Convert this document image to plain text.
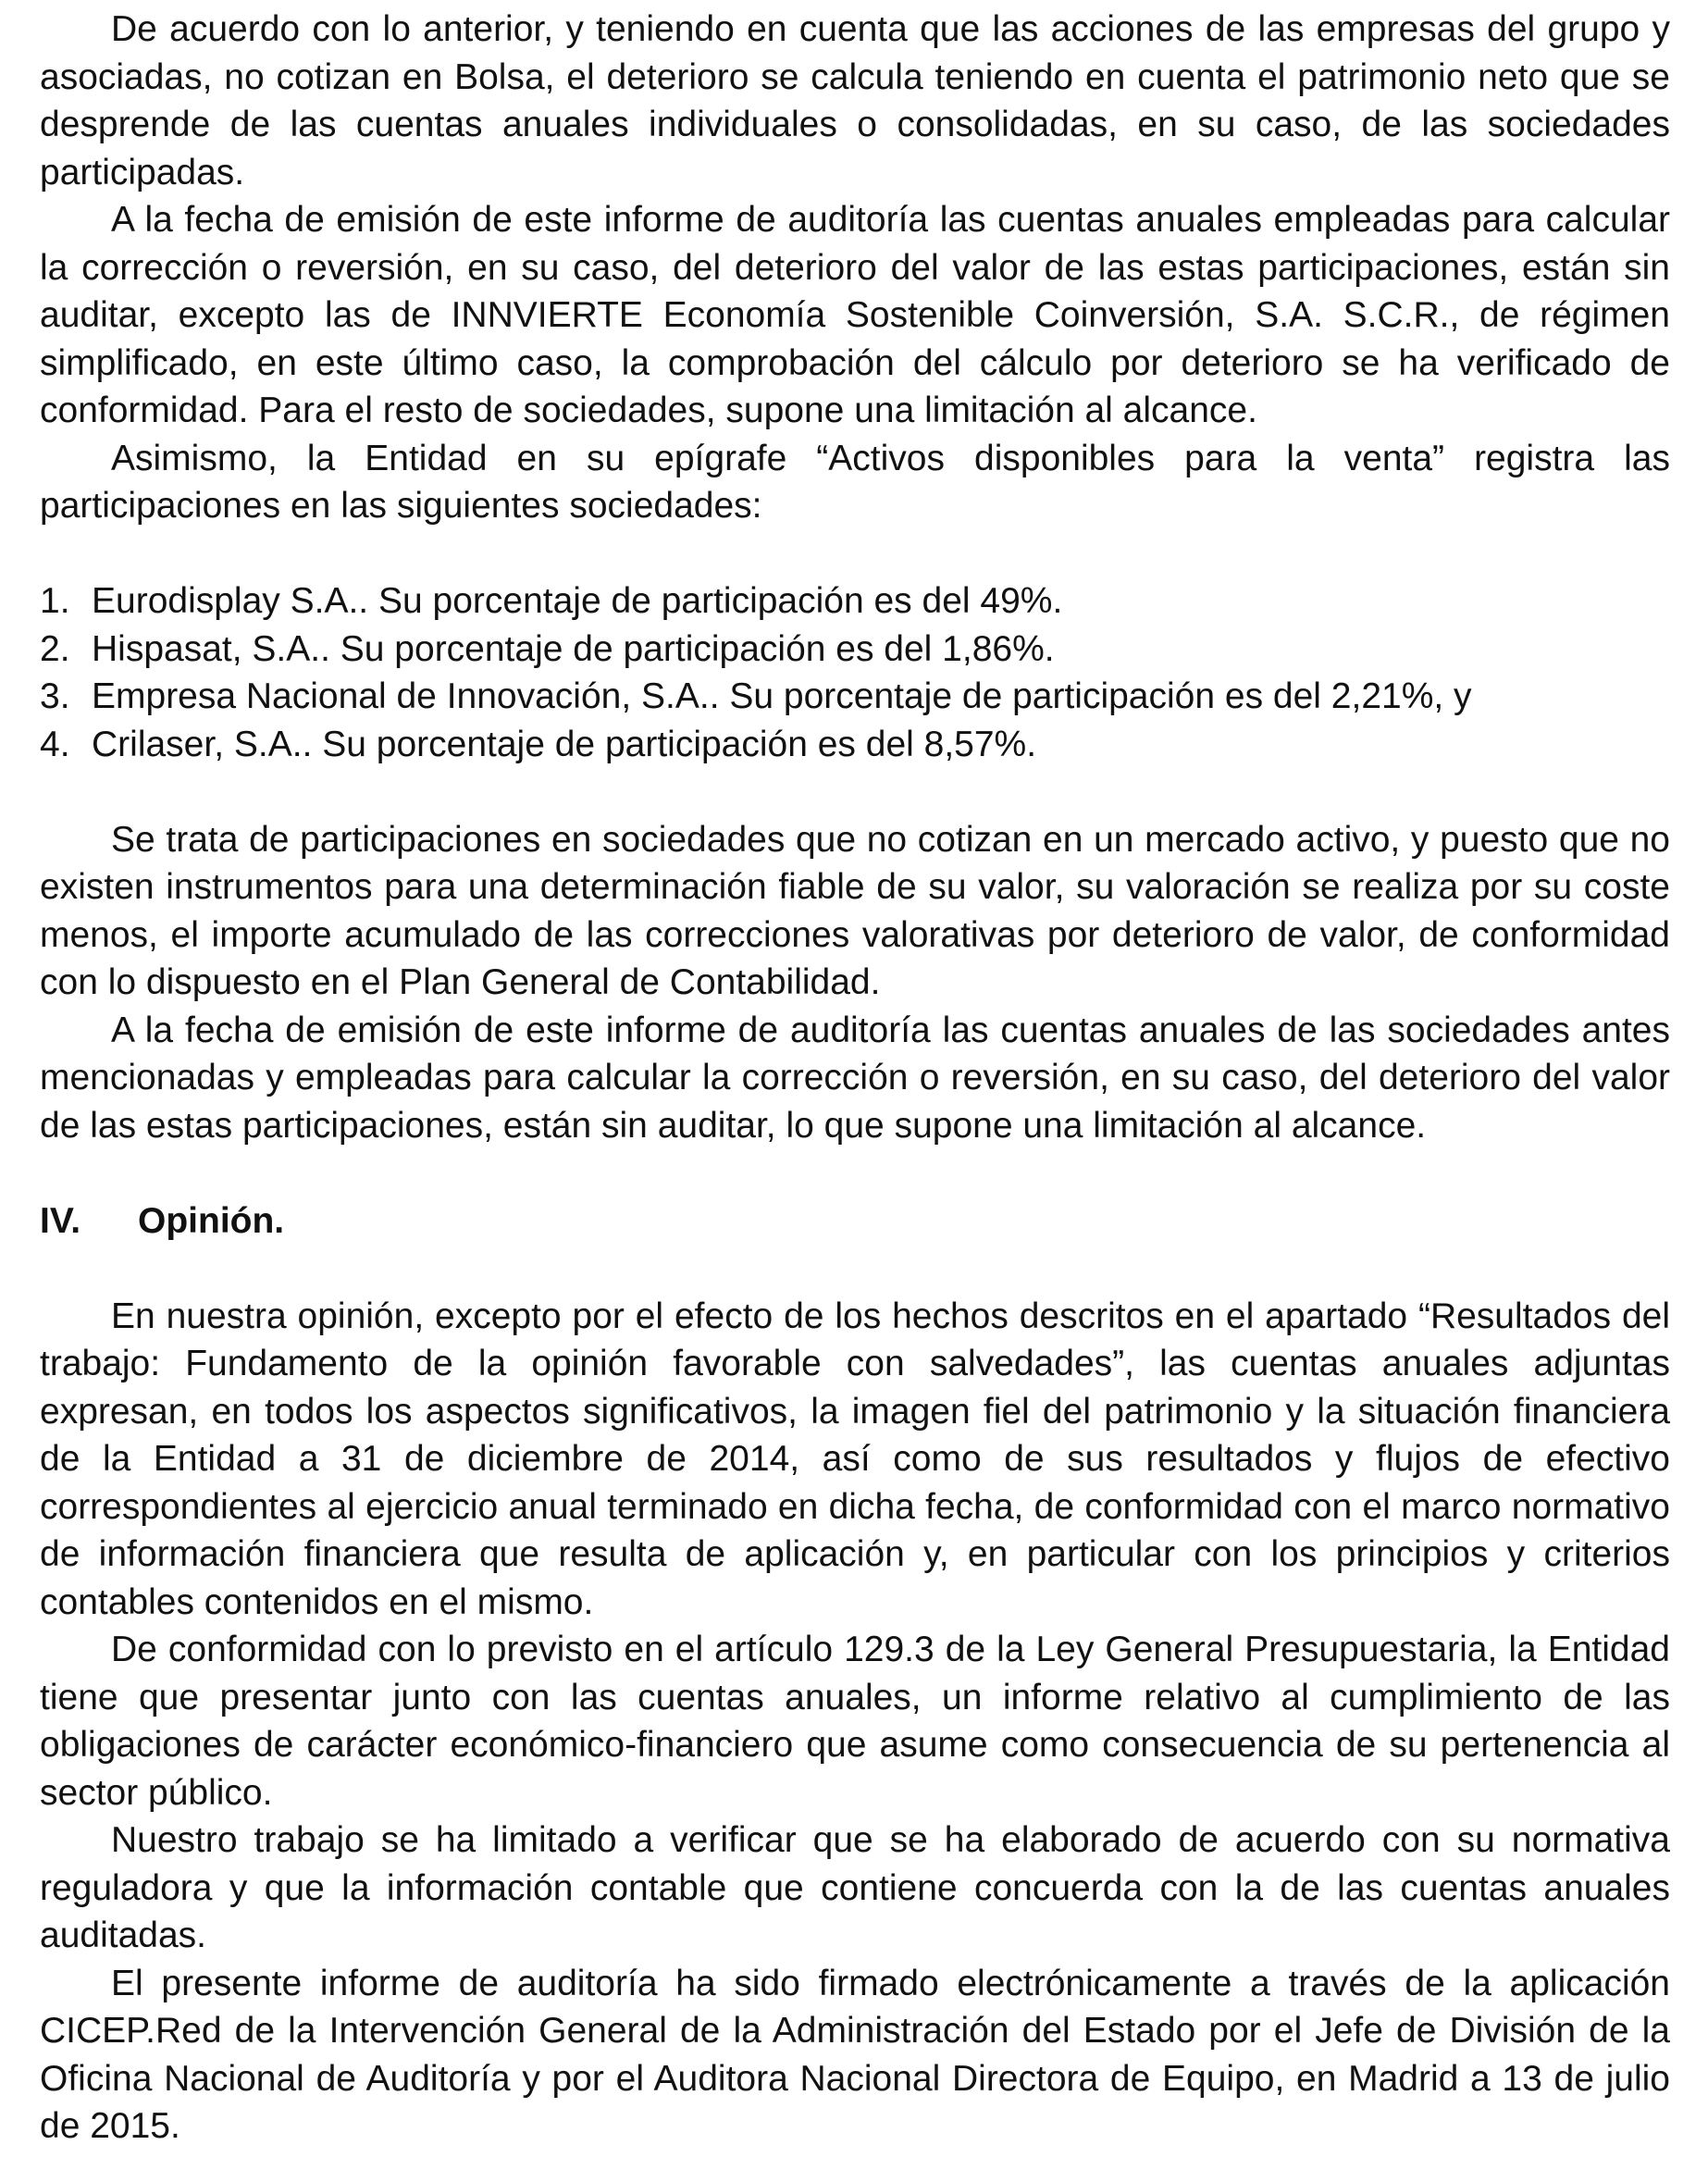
De acuerdo con lo anterior, y teniendo en cuenta que las acciones de las empresas del grupo y asociadas, no cotizan en Bolsa, el deterioro se calcula teniendo en cuenta el patrimonio neto que se desprende de las cuentas anuales individuales o consolidadas, en su caso, de las sociedades participadas.

A la fecha de emisión de este informe de auditoría las cuentas anuales empleadas para calcular la corrección o reversión, en su caso, del deterioro del valor de las estas participaciones, están sin auditar, excepto las de INNVIERTE Economía Sostenible Coinversión, S.A. S.C.R., de régimen simplificado, en este último caso, la comprobación del cálculo por deterioro se ha verificado de conformidad. Para el resto de sociedades, supone una limitación al alcance.

Asimismo, la Entidad en su epígrafe “Activos disponibles para la venta” registra las participaciones en las siguientes sociedades:

1. Eurodisplay S.A.. Su porcentaje de participación es del 49%.
2. Hispasat, S.A.. Su porcentaje de participación es del 1,86%.
3. Empresa Nacional de Innovación, S.A.. Su porcentaje de participación es del 2,21%, y
4. Crilaser, S.A.. Su porcentaje de participación es del 8,57%.

Se trata de participaciones en sociedades que no cotizan en un mercado activo, y puesto que no existen instrumentos para una determinación fiable de su valor, su valoración se realiza por su coste menos, el importe acumulado de las correcciones valorativas por deterioro de valor, de conformidad con lo dispuesto en el Plan General de Contabilidad.

A la fecha de emisión de este informe de auditoría las cuentas anuales de las sociedades antes mencionadas y empleadas para calcular la corrección o reversión, en su caso, del deterioro del valor de las estas participaciones, están sin auditar, lo que supone una limitación al alcance.

IV.	Opinión.

En nuestra opinión, excepto por el efecto de los hechos descritos en el apartado “Resultados del trabajo: Fundamento de la opinión favorable con salvedades”, las cuentas anuales adjuntas expresan, en todos los aspectos significativos, la imagen fiel del patrimonio y la situación financiera de la Entidad a 31 de diciembre de 2014, así como de sus resultados y flujos de efectivo correspondientes al ejercicio anual terminado en dicha fecha, de conformidad con el marco normativo de información financiera que resulta de aplicación y, en particular con los principios y criterios contables contenidos en el mismo.

De conformidad con lo previsto en el artículo 129.3 de la Ley General Presupuestaria, la Entidad tiene que presentar junto con las cuentas anuales, un informe relativo al cumplimiento de las obligaciones de carácter económico-financiero que asume como consecuencia de su pertenencia al sector público.

Nuestro trabajo se ha limitado a verificar que se ha elaborado de acuerdo con su normativa reguladora y que la información contable que contiene concuerda con la de las cuentas anuales auditadas.

El presente informe de auditoría ha sido firmado electrónicamente a través de la aplicación CICEP.Red de la Intervención General de la Administración del Estado por el Jefe de División de la Oficina Nacional de Auditoría y por el Auditora Nacional Directora de Equipo, en Madrid a 13 de julio de 2015.
